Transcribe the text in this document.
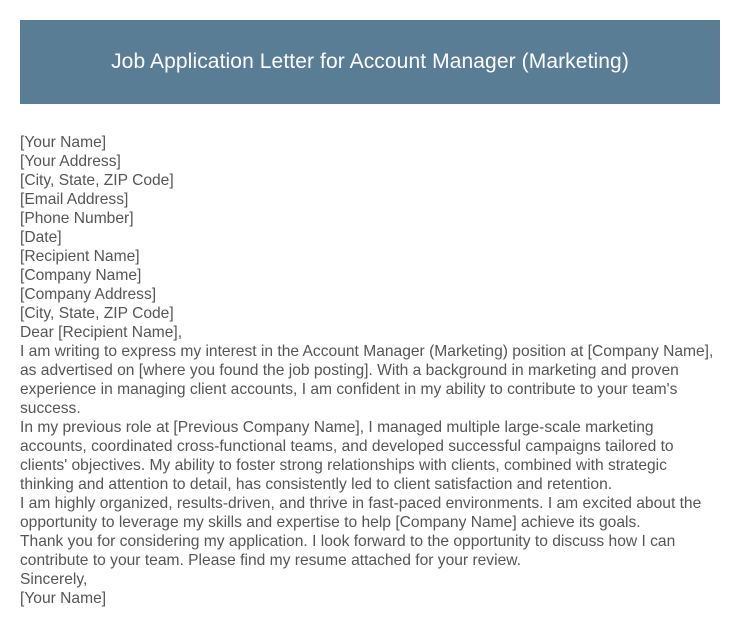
Job Application Letter for Account Manager (Marketing)
[Your Name]
[Your Address]
[City, State, ZIP Code]
[Email Address]
[Phone Number]
[Date]
[Recipient Name]
[Company Name]
[Company Address]
[City, State, ZIP Code]
Dear [Recipient Name],
I am writing to express my interest in the Account Manager (Marketing) position at [Company Name], as advertised on [where you found the job posting]. With a background in marketing and proven experience in managing client accounts, I am confident in my ability to contribute to your team's success.
In my previous role at [Previous Company Name], I managed multiple large-scale marketing accounts, coordinated cross-functional teams, and developed successful campaigns tailored to clients' objectives. My ability to foster strong relationships with clients, combined with strategic thinking and attention to detail, has consistently led to client satisfaction and retention.
I am highly organized, results-driven, and thrive in fast-paced environments. I am excited about the opportunity to leverage my skills and expertise to help [Company Name] achieve its goals.
Thank you for considering my application. I look forward to the opportunity to discuss how I can contribute to your team. Please find my resume attached for your review.
Sincerely,
[Your Name]
